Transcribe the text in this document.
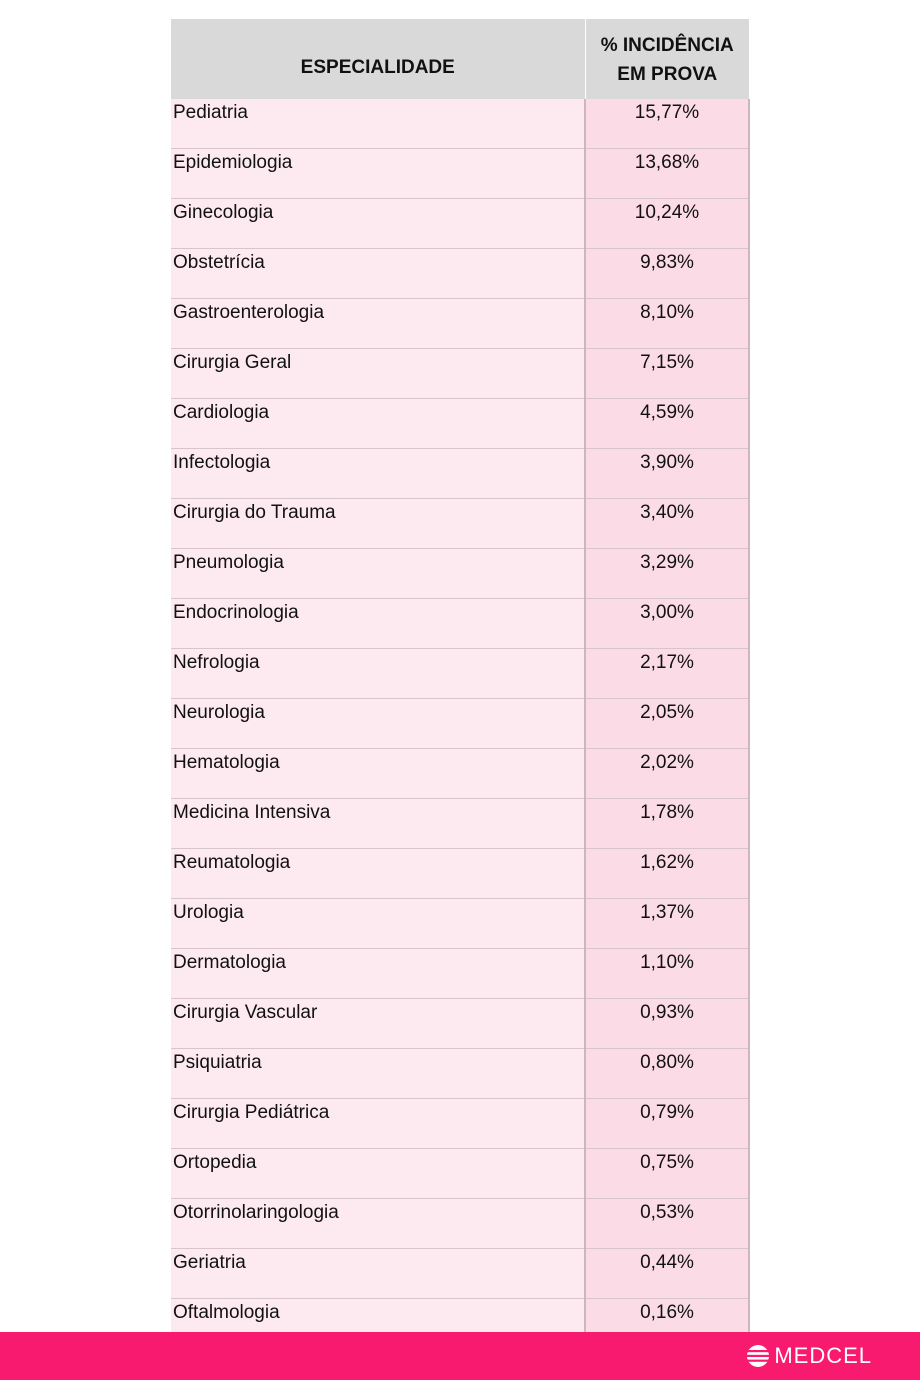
ESPECIALIDADE	% INCIDÊNCIA
EM PROVA
Pediatria	15,77%
Epidemiologia	13,68%
Ginecologia	10,24%
Obstetrícia	9,83%
Gastroenterologia	8,10%
Cirurgia Geral	7,15%
Cardiologia	4,59%
Infectologia	3,90%
Cirurgia do Trauma	3,40%
Pneumologia	3,29%
Endocrinologia	3,00%
Nefrologia	2,17%
Neurologia	2,05%
Hematologia	2,02%
Medicina Intensiva	1,78%
Reumatologia	1,62%
Urologia	1,37%
Dermatologia	1,10%
Cirurgia Vascular	0,93%
Psiquiatria	0,80%
Cirurgia Pediátrica	0,79%
Ortopedia	0,75%
Otorrinolaringologia	0,53%
Geriatria	0,44%
Oftalmologia	0,16%
MEDCEL
